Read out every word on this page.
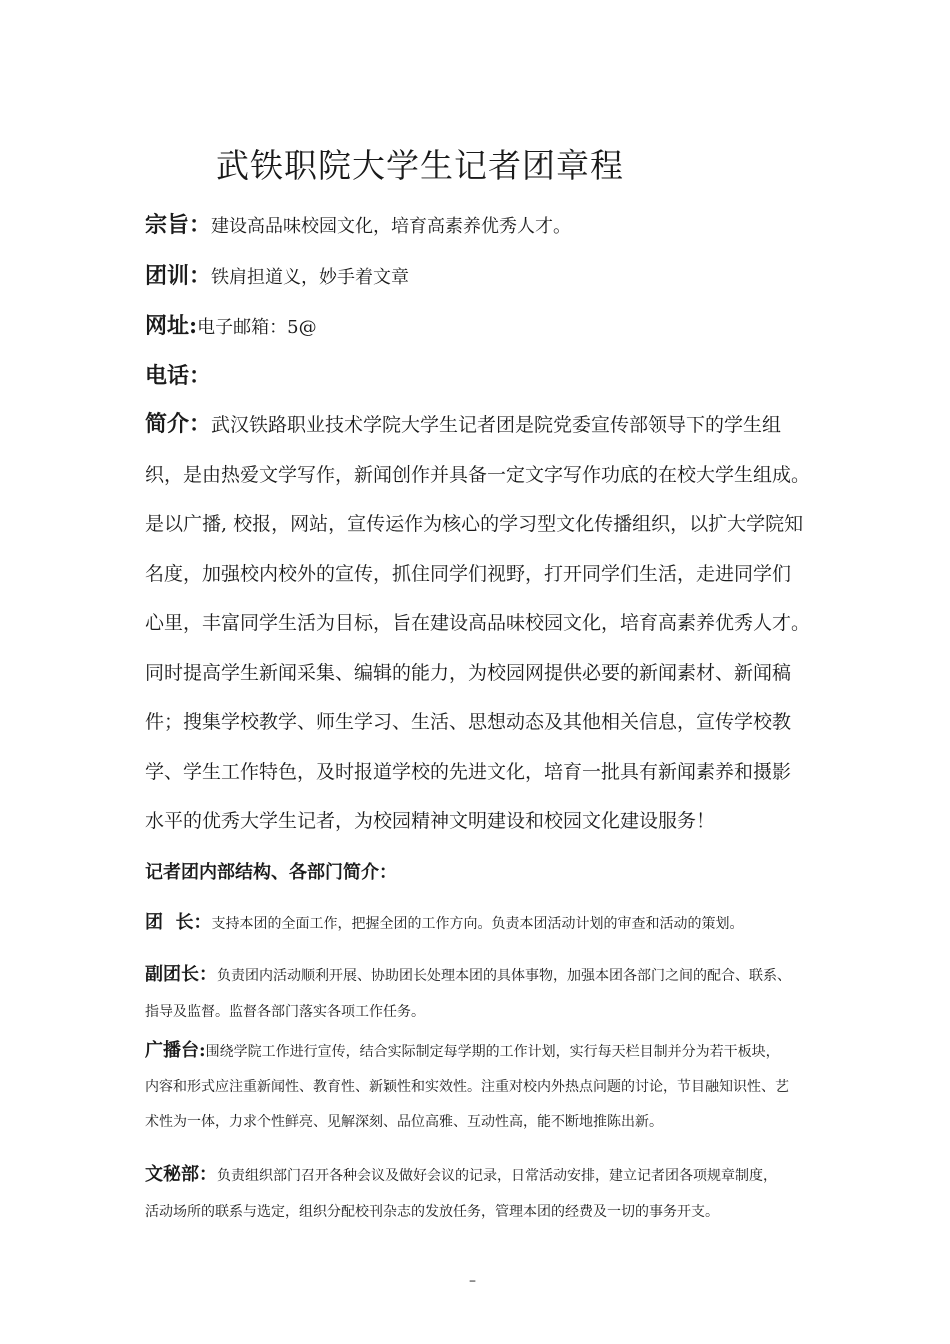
武铁职院大学生记者团章程
宗旨：建设高品味校园文化，培育高素养优秀人才。
团训：铁肩担道义，妙手着文章
网址:电子邮箱：5@
电话：
简介：武汉铁路职业技术学院大学生记者团是院党委宣传部领导下的学生组
织，是由热爱文学写作，新闻创作并具备一定文字写作功底的在校大学生组成。
是以广播, 校报，网站，宣传运作为核心的学习型文化传播组织，以扩大学院知
名度，加强校内校外的宣传，抓住同学们视野，打开同学们生活，走进同学们
心里，丰富同学生活为目标，旨在建设高品味校园文化，培育高素养优秀人才。
同时提高学生新闻采集、编辑的能力，为校园网提供必要的新闻素材、新闻稿
件；搜集学校教学、师生学习、生活、思想动态及其他相关信息，宣传学校教
学、学生工作特色，及时报道学校的先进文化，培育一批具有新闻素养和摄影
水平的优秀大学生记者，为校园精神文明建设和校园文化建设服务！
记者团内部结构、各部门简介：
团  长：支持本团的全面工作，把握全团的工作方向。负责本团活动计划的审查和活动的策划。
副团长：负责团内活动顺利开展、协助团长处理本团的具体事物，加强本团各部门之间的配合、联系、
指导及监督。监督各部门落实各项工作任务。
广播台:围绕学院工作进行宣传，结合实际制定每学期的工作计划，实行每天栏目制并分为若干板块，
内容和形式应注重新闻性、教育性、新颖性和实效性。注重对校内外热点问题的讨论，节目融知识性、艺
术性为一体，力求个性鲜亮、见解深刻、品位高雅、互动性高，能不断地推陈出新。
文秘部：负责组织部门召开各种会议及做好会议的记录，日常活动安排，建立记者团各项规章制度，
活动场所的联系与选定，组织分配校刊杂志的发放任务，管理本团的经费及一切的事务开支。
–
